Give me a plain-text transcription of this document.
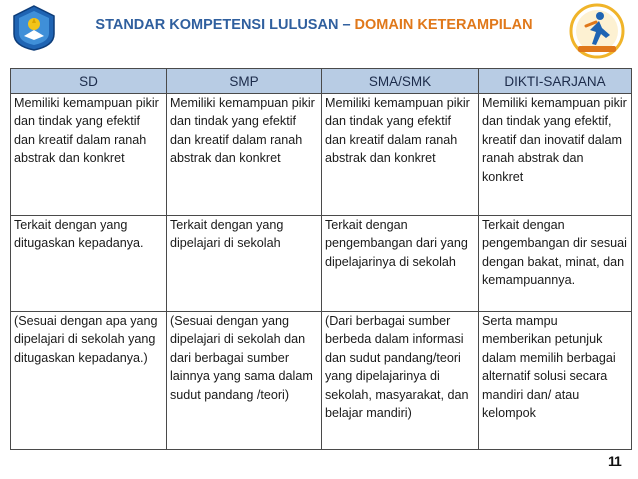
STANDAR KOMPETENSI LULUSAN – DOMAIN KETERAMPILAN
SD	SMP	SMA/SMK	DIKTI-SARJANA
Memiliki kemampuan pikir dan tindak yang efektif dan kreatif dalam ranah abstrak dan konkret	Memiliki kemampuan pikir dan tindak yang efektif dan kreatif dalam ranah abstrak dan konkret	Memiliki kemampuan pikir dan tindak yang efektif dan kreatif dalam ranah abstrak dan konkret	Memiliki kemampuan pikir dan tindak yang efektif, kreatif dan inovatif dalam ranah abstrak dan konkret
Terkait dengan yang ditugaskan kepadanya.	Terkait dengan yang dipelajari di sekolah	Terkait dengan pengembangan dari yang dipelajarinya di sekolah	Terkait dengan pengembangan dir sesuai dengan bakat, minat, dan kemampuannya.
(Sesuai dengan apa yang dipelajari di sekolah yang ditugaskan kepadanya.)	(Sesuai dengan yang dipelajari di sekolah dan dari berbagai sumber lainnya yang sama dalam sudut pandang /teori)	(Dari berbagai sumber berbeda dalam informasi dan sudut pandang/teori yang dipelajarinya di sekolah, masyarakat, dan belajar mandiri)	Serta mampu memberikan petunjuk dalam memilih berbagai alternatif solusi secara mandiri dan/ atau kelompok
11
